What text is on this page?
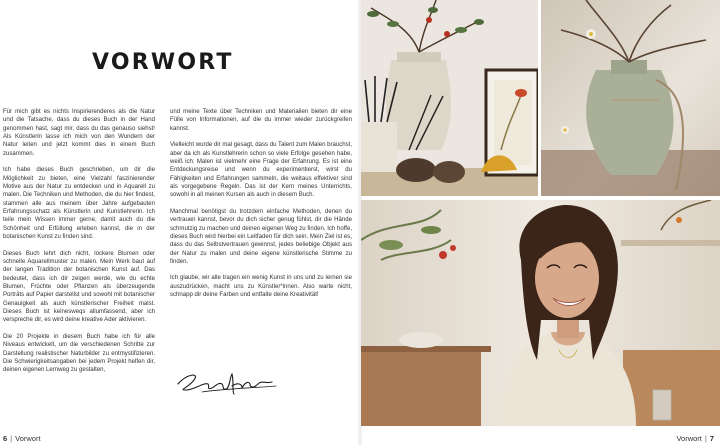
VORWORT

Für mich gibt es nichts Inspirierenderes als die Natur und die Tatsache, dass du dieses Buch in der Hand genommen hast, sagt mir, dass du das genauso siehst! Als Künstlerin lasse ich mich von den Wundern der Natur leiten und jetzt kommt dies in einem Buch zusammen.

Ich habe dieses Buch geschrieben, um dir die Möglichkeit zu bieten, eine Vielzahl faszinierender Motive aus der Natur zu entdecken und in Aquarell zu malen. Die Techniken und Methoden, die du hier findest, stammen alle aus meinem über Jahre aufgebauten Erfahrungsschatz als Künstlerin und Kunstlehrerin. Ich teile mein Wissen immer gerne, damit auch du die Schönheit und Erfüllung erleben kannst, die in der botanischen Kunst zu finden sind.

Dieses Buch lehrt dich nicht, lockere Blumen oder schnelle Aquarellmuster zu malen. Mein Werk baut auf der langen Tradition der botanischen Kunst auf. Das bedeutet, dass ich dir zeigen werde, wie du echte Blumen, Früchte oder Pflanzen als überzeugende Porträts auf Papier darstellst und sowohl mit botanischer Genauigkeit als auch künstlerischer Freiheit malst. Dieses Buch ist keinesweqs allumfassend, aber ich verspreche dir, es wird deine kreative Ader aktivieren.

Die 20 Projekte in diesem Buch habe ich für alle Niveaus entwickelt, um die verschiedenen Schritte zur Darstellung realistischer Naturbilder zu entmystifizieren. Die Schwierigkeitsangaben bei jedem Projekt helfen dir, deinen eigenen Lernweg zu gestalten,

und meine Texte über Techniken und Materialien bieten dir eine Fülle von Informationen, auf die du immer wieder zurückgreifen kannst.

Vielleicht wurde dir mal gesagt, dass du Talent zum Malen brauchst, aber da ich als Kunstlehrerin schon so viele Erfolge gesehen habe, weiß ich: Malen ist vielmehr eine Frage der Erfahrung. Es ist eine Entdeckungsreise und wenn du experimentierst, wirst du Fähigkeiten und Erfahrungen sammeln, die weitaus effektiver sind als vorgegebene Regeln. Das ist der Kern meines Unterrichts, sowohl in all meinen Kursen als auch in diesem Buch.

Manchmal benötigst du trotzdem einfache Methoden, denen du vertrauen kannst, bevor du dich sicher genug fühlst, dir die Hände schmutzig zu machen und deinen eigenen Weg zu finden. Ich hoffe, dieses Buch wird hierbei ein Leitfaden für dich sein. Mein Ziel ist es, dass du das Selbstvertrauen gewinnst, jedes beliebige Objekt aus der Natur zu malen und deine eigene künstlerische Stimme zu finden.

Ich glaube, wir alle tragen ein wenig Kunst in uns und zu lernen sie auszudrücken, macht uns zu Künstler*innen. Also warte nicht, schnapp dir deine Farben und entfalte deine Kreativität!

6 | Vorwort	Vorwort | 7
